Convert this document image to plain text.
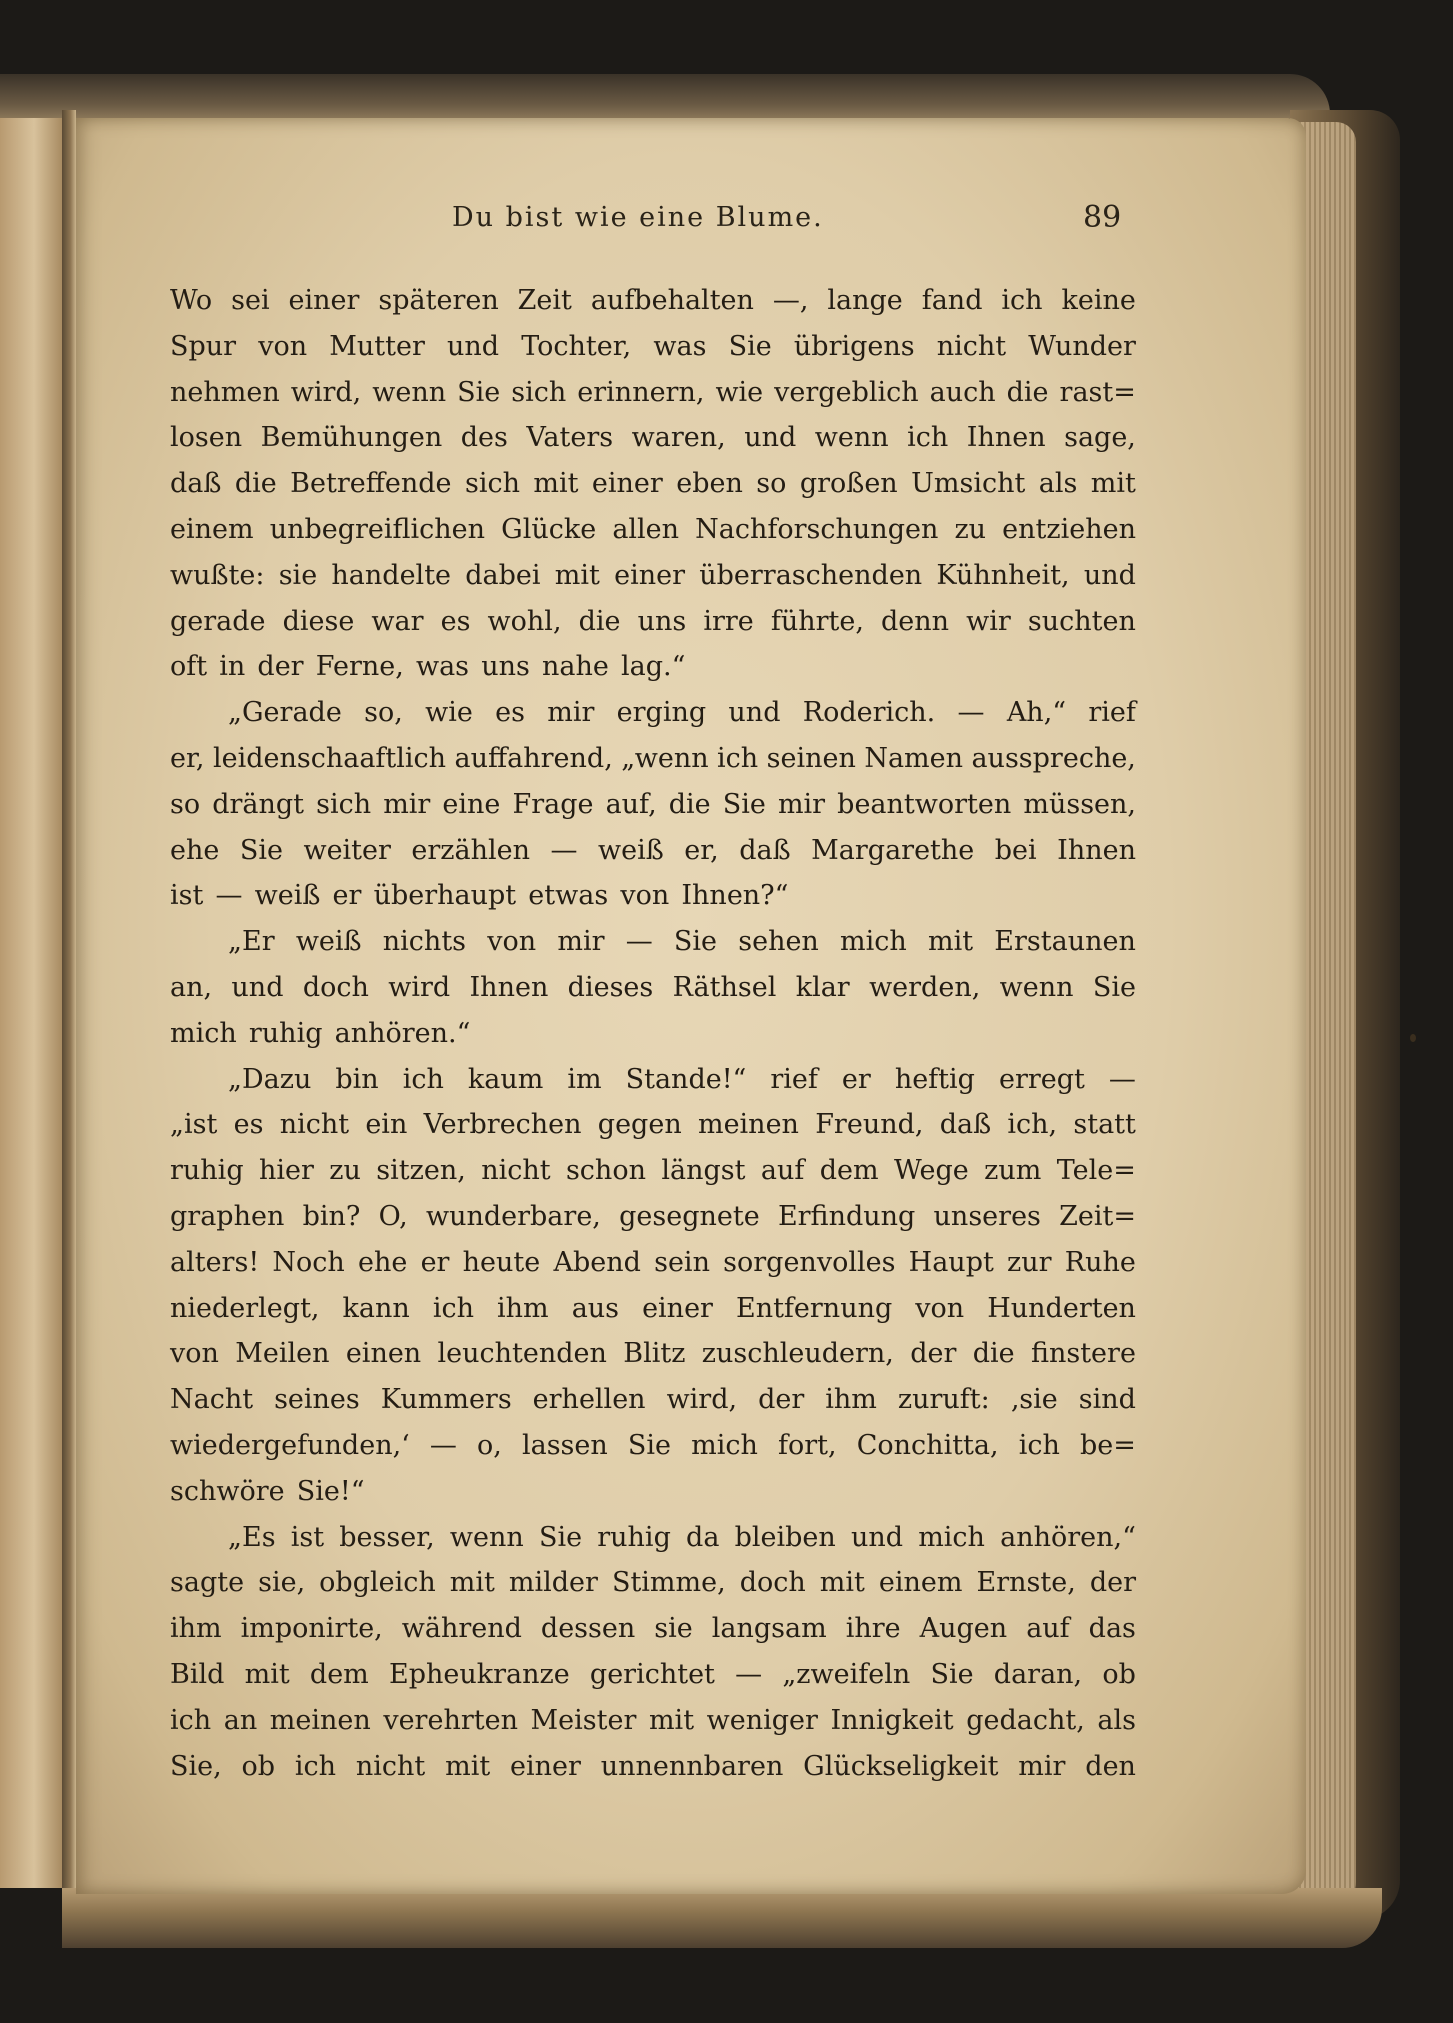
Du bist wie eine Blume.	89
Wo sei einer späteren Zeit aufbehalten —, lange fand ich keine
Spur von Mutter und Tochter, was Sie übrigens nicht Wunder
nehmen wird, wenn Sie sich erinnern, wie vergeblich auch die rast=
losen Bemühungen des Vaters waren, und wenn ich Ihnen sage,
daß die Betreffende sich mit einer eben so großen Umsicht als mit
einem unbegreiflichen Glücke allen Nachforschungen zu entziehen
wußte: sie handelte dabei mit einer überraschenden Kühnheit, und
gerade diese war es wohl, die uns irre führte, denn wir suchten
oft in der Ferne, was uns nahe lag.“
„Gerade so, wie es mir erging und Roderich. — Ah,“ rief
er, leidenschaaftlich auffahrend, „wenn ich seinen Namen ausspreche,
so drängt sich mir eine Frage auf, die Sie mir beantworten müssen,
ehe Sie weiter erzählen — weiß er, daß Margarethe bei Ihnen
ist — weiß er überhaupt etwas von Ihnen?“
„Er weiß nichts von mir — Sie sehen mich mit Erstaunen
an, und doch wird Ihnen dieses Räthsel klar werden, wenn Sie
mich ruhig anhören.“
„Dazu bin ich kaum im Stande!“ rief er heftig erregt —
„ist es nicht ein Verbrechen gegen meinen Freund, daß ich, statt
ruhig hier zu sitzen, nicht schon längst auf dem Wege zum Tele=
graphen bin? O, wunderbare, gesegnete Erfindung unseres Zeit=
alters! Noch ehe er heute Abend sein sorgenvolles Haupt zur Ruhe
niederlegt, kann ich ihm aus einer Entfernung von Hunderten
von Meilen einen leuchtenden Blitz zuschleudern, der die finstere
Nacht seines Kummers erhellen wird, der ihm zuruft: ‚sie sind
wiedergefunden,‘ — o, lassen Sie mich fort, Conchitta, ich be=
schwöre Sie!“
„Es ist besser, wenn Sie ruhig da bleiben und mich anhören,“
sagte sie, obgleich mit milder Stimme, doch mit einem Ernste, der
ihm imponirte, während dessen sie langsam ihre Augen auf das
Bild mit dem Epheukranze gerichtet — „zweifeln Sie daran, ob
ich an meinen verehrten Meister mit weniger Innigkeit gedacht, als
Sie, ob ich nicht mit einer unnennbaren Glückseligkeit mir den
